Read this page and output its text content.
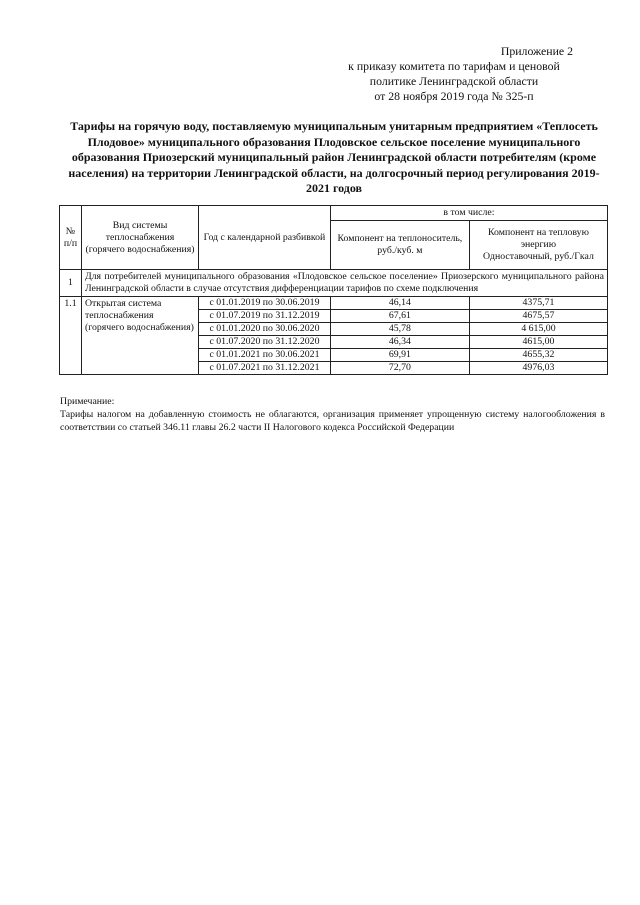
Приложение 2
к приказу комитета по тарифам и ценовой
политике Ленинградской области
от 28 ноября 2019 года № 325-п
Тарифы на горячую воду, поставляемую муниципальным унитарным предприятием «Теплосеть Плодовое» муниципального образования Плодовское сельское поселение муниципального образования Приозерский муниципальный район Ленинградской области потребителям (кроме населения) на территории Ленинградской области, на долгосрочный период регулирования 2019-2021 годов
№ п/п	Вид системы теплоснабжения (горячего водоснабжения)	Год с календарной разбивкой	в том числе:	
			Компонент на теплоноситель, руб./куб. м	Компонент на тепловую энергию
Одноставочный, руб./Гкал

1	Для потребителей муниципального образования «Плодовское сельское поселение» Приозерского муниципального района Ленинградской области в случае отсутствия дифференциации тарифов по схеме подключения			
1.1	Открытая система теплоснабжения (горячего водоснабжения)	с 01.01.2019 по 30.06.2019	46,14	4375,71
		с 01.07.2019 по 31.12.2019	67,61	4675,57
		с 01.01.2020 по 30.06.2020	45,78	4 615,00
		с 01.07.2020 по 31.12.2020	46,34	4615,00
		с 01.01.2021 по 30.06.2021	69,91	4655,32
		с 01.07.2021 по 31.12.2021	72,70	4976,03
Примечание:
Тарифы налогом на добавленную стоимость не облагаются, организация применяет упрощенную систему налогообложения в соответствии со статьей 346.11 главы 26.2 части II Налогового кодекса Российской Федерации
